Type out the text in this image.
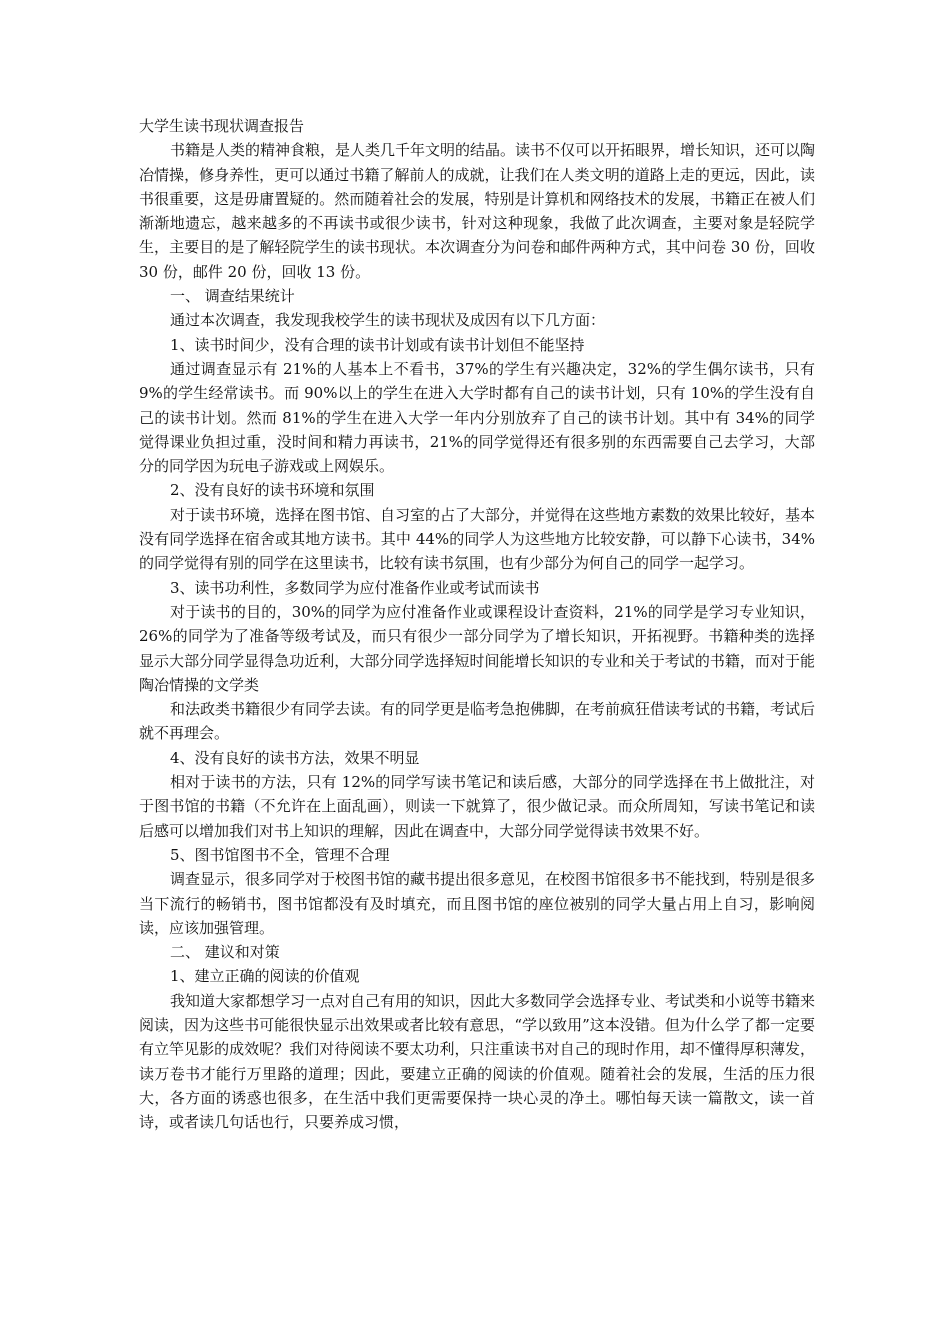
大学生读书现状调查报告

书籍是人类的精神食粮，是人类几千年文明的结晶。读书不仅可以开拓眼界，增长知识，还可以陶冶情操，修身养性，更可以通过书籍了解前人的成就，让我们在人类文明的道路上走的更远，因此，读书很重要，这是毋庸置疑的。然而随着社会的发展，特别是计算机和网络技术的发展，书籍正在被人们渐渐地遗忘，越来越多的不再读书或很少读书，针对这种现象，我做了此次调查，主要对象是轻院学生，主要目的是了解轻院学生的读书现状。本次调查分为问卷和邮件两种方式，其中问卷 30 份，回收 30 份，邮件 20 份，回收 13 份。

一、 调查结果统计

通过本次调查，我发现我校学生的读书现状及成因有以下几方面：

1、读书时间少，没有合理的读书计划或有读书计划但不能坚持

通过调查显示有 21%的人基本上不看书，37%的学生有兴趣决定，32%的学生偶尔读书，只有 9%的学生经常读书。而 90%以上的学生在进入大学时都有自己的读书计划，只有 10%的学生没有自己的读书计划。然而 81%的学生在进入大学一年内分别放弃了自己的读书计划。其中有 34%的同学觉得课业负担过重，没时间和精力再读书，21%的同学觉得还有很多别的东西需要自己去学习，大部分的同学因为玩电子游戏或上网娱乐。

2、没有良好的读书环境和氛围

对于读书环境，选择在图书馆、自习室的占了大部分，并觉得在这些地方素数的效果比较好，基本没有同学选择在宿舍或其地方读书。其中 44%的同学人为这些地方比较安静，可以静下心读书，34%的同学觉得有别的同学在这里读书，比较有读书氛围，也有少部分为何自己的同学一起学习。

3、读书功利性，多数同学为应付准备作业或考试而读书

对于读书的目的，30%的同学为应付准备作业或课程设计查资料，21%的同学是学习专业知识，26%的同学为了准备等级考试及，而只有很少一部分同学为了增长知识，开拓视野。书籍种类的选择显示大部分同学显得急功近利，大部分同学选择短时间能增长知识的专业和关于考试的书籍，而对于能陶冶情操的文学类

和法政类书籍很少有同学去读。有的同学更是临考急抱佛脚，在考前疯狂借读考试的书籍，考试后就不再理会。

4、没有良好的读书方法，效果不明显

相对于读书的方法，只有 12%的同学写读书笔记和读后感，大部分的同学选择在书上做批注，对于图书馆的书籍（不允许在上面乱画），则读一下就算了，很少做记录。而众所周知，写读书笔记和读后感可以增加我们对书上知识的理解，因此在调查中，大部分同学觉得读书效果不好。

5、图书馆图书不全，管理不合理

调查显示，很多同学对于校图书馆的藏书提出很多意见，在校图书馆很多书不能找到，特别是很多当下流行的畅销书，图书馆都没有及时填充，而且图书馆的座位被别的同学大量占用上自习，影响阅读，应该加强管理。

二、 建议和对策

1、建立正确的阅读的价值观

我知道大家都想学习一点对自己有用的知识，因此大多数同学会选择专业、考试类和小说等书籍来阅读，因为这些书可能很快显示出效果或者比较有意思，“学以致用”这本没错。但为什么学了都一定要有立竿见影的成效呢？我们对待阅读不要太功利，只注重读书对自己的现时作用，却不懂得厚积薄发，读万卷书才能行万里路的道理；因此，要建立正确的阅读的价值观。随着社会的发展，生活的压力很大，各方面的诱惑也很多，在生活中我们更需要保持一块心灵的净土。哪怕每天读一篇散文，读一首诗，或者读几句话也行，只要养成习惯，
